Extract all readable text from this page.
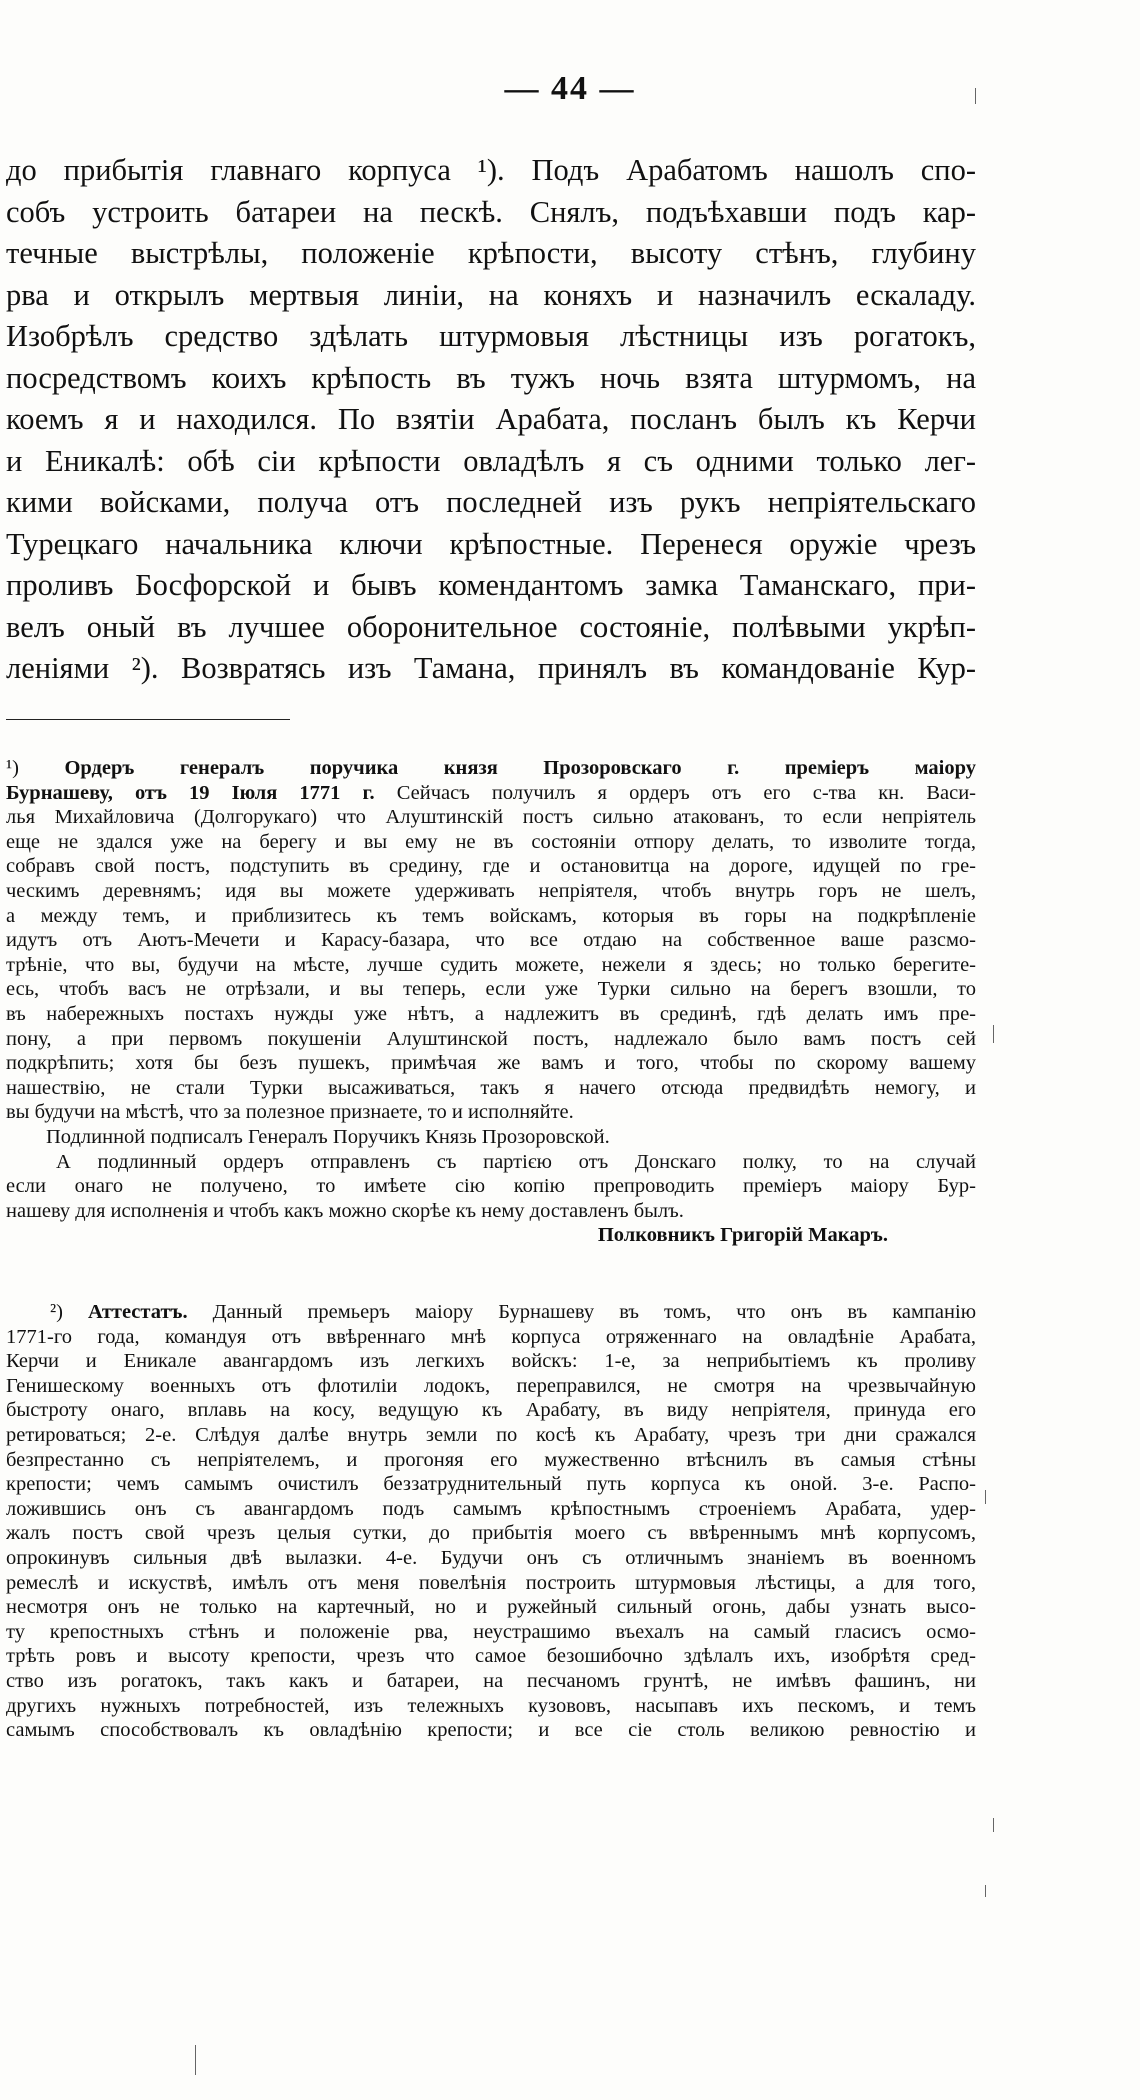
— 44 —
до прибытія главнаго корпуса ¹). Подъ Арабатомъ нашолъ спо-
собъ устроить батареи на пескѣ. Снялъ, подъѣхавши подъ кар-
течные выстрѣлы, положеніе крѣпости, высоту стѣнъ, глубину
рва и открылъ мертвыя линіи, на коняхъ и назначилъ ескаладу.
Изобрѣлъ средство здѣлать штурмовыя лѣстницы изъ рогатокъ,
посредствомъ коихъ крѣпость въ тужъ ночь взята штурмомъ, на
коемъ я и находился. По взятіи Арабата, посланъ былъ къ Керчи
и Еникалѣ: обѣ сіи крѣпости овладѣлъ я съ одними только лег-
кими войсками, получа отъ последней изъ рукъ непріятельскаго
Турецкаго начальника ключи крѣпостные. Перенеся оружіе чрезъ
проливъ Босфорской и бывъ комендантомъ замка Таманскаго, при-
велъ оный въ лучшее оборонительное состояніе, полѣвыми укрѣп-
леніями ²). Возвратясь изъ Тамана, принялъ въ командованіе Кур-
¹) Ордеръ генералъ поручика князя Прозоровскаго г. преміеръ маіору
Бурнашеву, отъ 19 Іюля 1771 г. Сейчасъ получилъ я ордеръ отъ его с-тва кн. Васи-
лья Михайловича (Долгорукаго) что Алуштинскій постъ сильно атакованъ, то если непріятель
еще не здался уже на берегу и вы ему не въ состояніи отпору делать, то изволите тогда,
собравъ свой постъ, подступить въ средину, где и остановитца на дороге, идущей по гре-
ческимъ деревнямъ; идя вы можете удерживать непріятеля, чтобъ внутрь горъ не шелъ,
а между темъ, и приблизитесь къ темъ войскамъ, которыя въ горы на подкрѣпленіе
идутъ отъ Аютъ-Мечети и Карасу-базара, что все отдаю на собственное ваше разсмо-
трѣніе, что вы, будучи на мѣсте, лучше судить можете, нежели я здесь; но только берегите-
есь, чтобъ васъ не отрѣзали, и вы теперь, если уже Турки сильно на берегъ взошли, то
въ набережныхъ постахъ нужды уже нѣтъ, а надлежитъ въ срединѣ, гдѣ делать имъ пре-
пону, а при первомъ покушеніи Алуштинской постъ, надлежало было вамъ постъ сей
подкрѣпить; хотя бы безъ пушекъ, примѣчая же вамъ и того, чтобы по скорому вашему
нашествію, не стали Турки высаживаться, такъ я начего отсюда предвидѣть немогу, и
вы будучи на мѣстѣ, что за полезное признаете, то и исполняйте.
Подлинной подписалъ Генералъ Поручикъ Князь Прозоровской.
А подлинный ордеръ отправленъ съ партією отъ Донскаго полку, то на случай
если онаго не получено, то имѣете сію копію препроводить преміеръ маіору Бур-
нашеву для исполненія и чтобъ какъ можно скорѣе къ нему доставленъ былъ.
Полковникъ Григорій Макаръ.
²) Аттестатъ. Данный премьеръ маіору Бурнашеву въ томъ, что онъ въ кампанію
1771-го года, командуя отъ ввѣреннаго мнѣ корпуса отряженнаго на овладѣніе Арабата,
Керчи и Еникале авангардомъ изъ легкихъ войскъ: 1-е, за неприбытіемъ къ проливу
Генишескому военныхъ отъ флотиліи лодокъ, переправился, не смотря на чрезвычайную
быстроту онаго, вплавь на косу, ведущую къ Арабату, въ виду непріятеля, принуда его
ретироваться; 2-е. Слѣдуя далѣе внутрь земли по косѣ къ Арабату, чрезъ три дни сражался
безпрестанно съ непріятелемъ, и прогоняя его мужественно втѣснилъ въ самыя стѣны
крепости; чемъ самымъ очистилъ беззатруднительный путь корпуса къ оной. 3-е. Распо-
ложившись онъ съ авангардомъ подъ самымъ крѣпостнымъ строеніемъ Арабата, удер-
жалъ постъ свой чрезъ целыя сутки, до прибытія моего съ ввѣреннымъ мнѣ корпусомъ,
опрокинувъ сильныя двѣ вылазки. 4-е. Будучи онъ съ отличнымъ знаніемъ въ военномъ
ремеслѣ и искуствѣ, имѣлъ отъ меня повелѣнія построить штурмовыя лѣстицы, а для того,
несмотря онъ не только на картечный, но и ружейный сильный огонь, дабы узнать высо-
ту крепостныхъ стѣнъ и положеніе рва, неустрашимо въехалъ на самый гласисъ осмо-
трѣть ровъ и высоту крепости, чрезъ что самое безошибочно здѣлалъ ихъ, изобрѣтя сред-
ство изъ рогатокъ, такъ какъ и батареи, на песчаномъ грунтѣ, не имѣвъ фашинъ, ни
другихъ нужныхъ потребностей, изъ тележныхъ кузововъ, насыпавъ ихъ пескомъ, и темъ
самымъ способствовалъ къ овладѣнію крепости; и все сіе столь великою ревностію и
